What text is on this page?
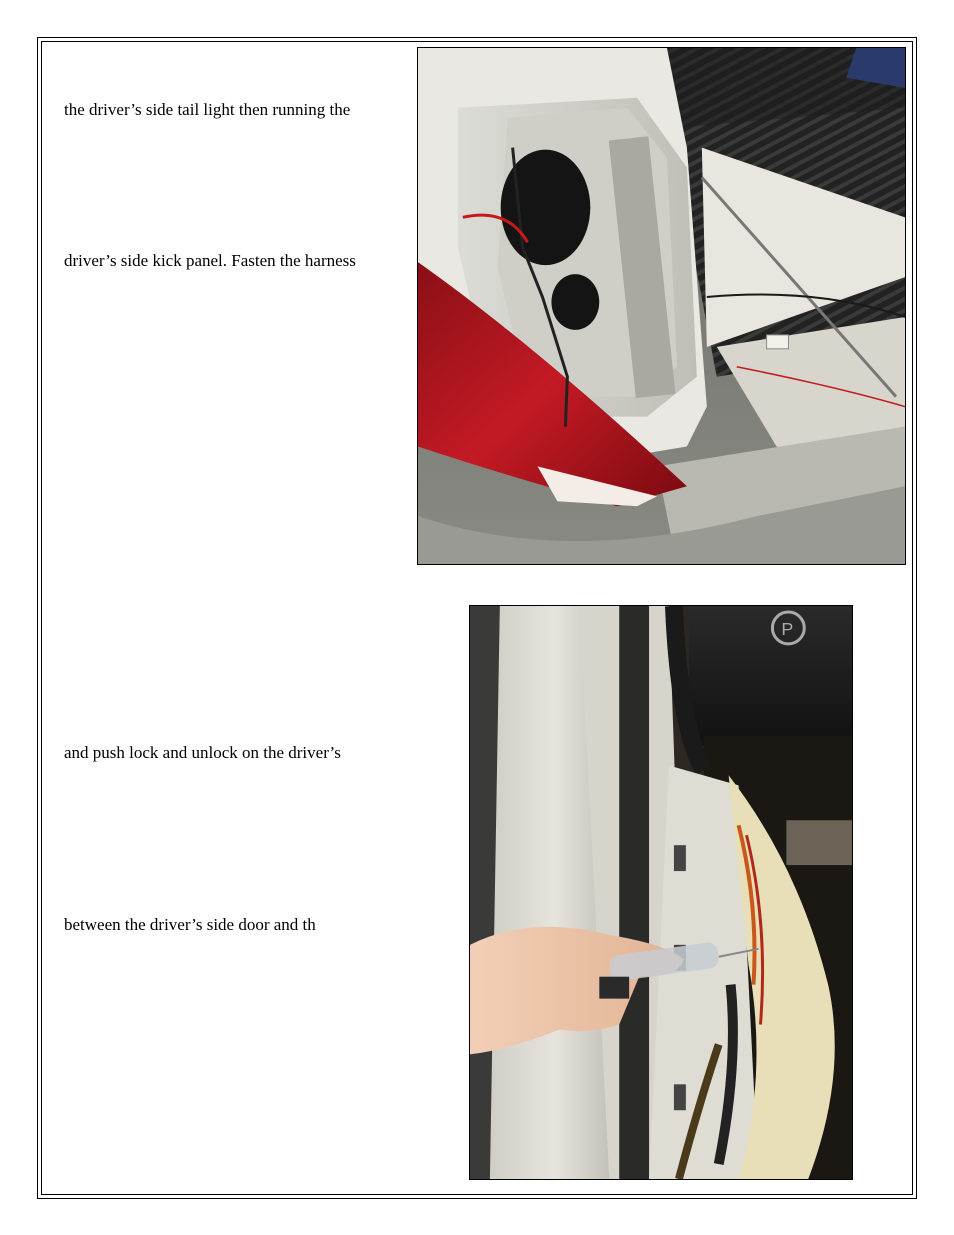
the driver’s side tail light then running the

driver’s side kick panel. Fasten the harness

and push lock and unlock on the driver’s

between the driver’s side door and th

P
